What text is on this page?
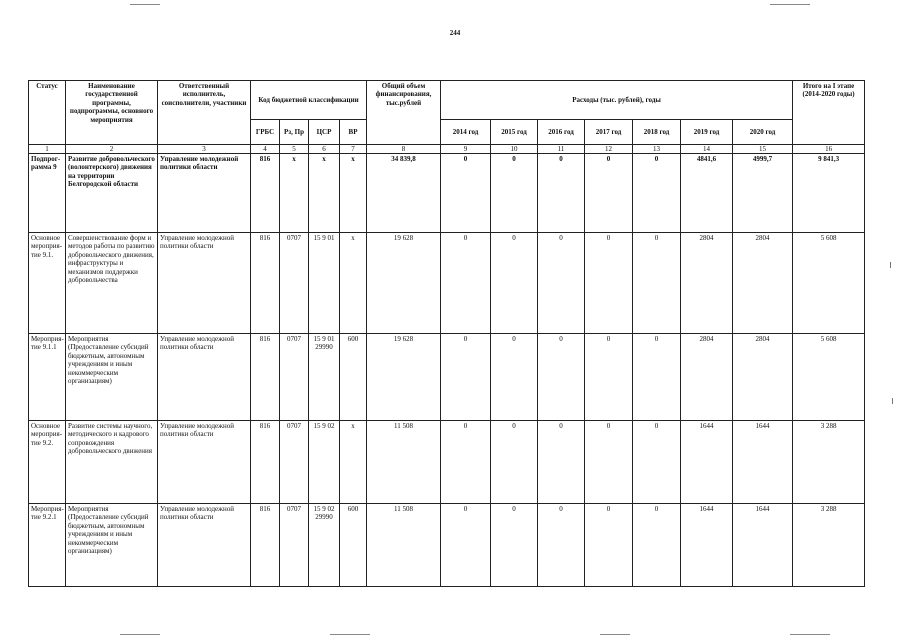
244
Статус	Наименование государственной программы, подпрограммы, основного мероприятия	Ответственный исполнитель, соисполнители, участники	Код бюджетной классификации				Общий объем финансирования, тыс.рублей	Расходы (тыс. рублей), годы							Итого на I этапе (2014-2020 годы)
			ГРБС	Рз, Пр	ЦСР	ВР		2014 год	2015 год	2016 год	2017 год	2018 год	2019 год	2020 год	
1	2	3	4	5	6	7	8	9	10	11	12	13	14	15	16
Подпрог-рамма 9	Развитие добровольческого (волонтерского) движения на территории Белгородской области	Управление молодежной политики области	816	х	х	х	34 839,8	0	0	0	0	0	4841,6	4999,7	9 841,3
Основное мероприя-тие 9.1.	Совершенствование форм и методов работы по развитию добровольческого движения, инфраструктуры и механизмов поддержки добровольчества	Управление молодежной политики области	816	0707	15 9 01	х	19 628	0	0	0	0	0	2804	2804	5 608
Мероприя-тие 9.1.1	Мероприятия (Предоставление субсидий бюджетным, автономным учреждениям и иным некоммерческим организациям)	Управление молодежной политики области	816	0707	15 9 01 29990	600	19 628	0	0	0	0	0	2804	2804	5 608
Основное мероприя-тие 9.2.	Развитие системы научного, методического и кадрового сопровождения добровольческого движения	Управление молодежной политики области	816	0707	15 9 02	х	11 508	0	0	0	0	0	1644	1644	3 288
Мероприя-тие 9.2.1	Мероприятия (Предоставление субсидий бюджетным, автономным учреждениям и иным некоммерческим организациям)	Управление молодежной политики области	816	0707	15 9 02 29990	600	11 508	0	0	0	0	0	1644	1644	3 288
